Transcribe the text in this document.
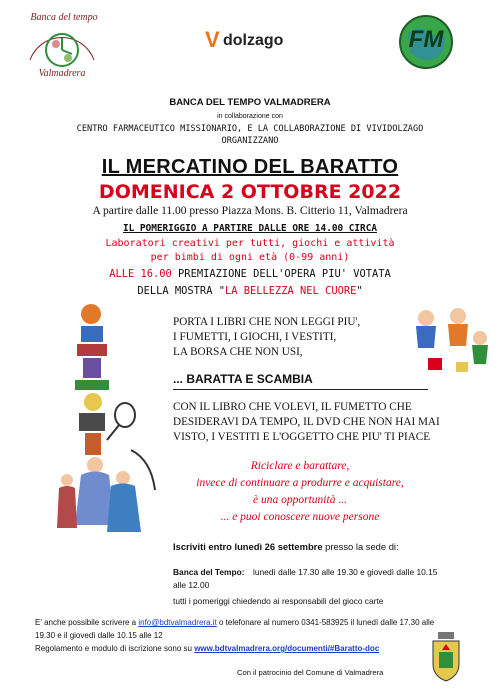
Banca del tempo
Valmadrera
V dolzago	FM
BANCA DEL TEMPO VALMADRERA
in collaborazione con
CENTRO FARMACEUTICO MISSIONARIO, E LA COLLABORAZIONE DI VIVIDOLZAGO
ORGANIZZANO
IL MERCATINO DEL BARATTO
DOMENICA 2 OTTOBRE 2022
A partire dalle 11.00 presso Piazza Mons. B. Citterio 11, Valmadrera
IL POMERIGGIO A PARTIRE DALLE ORE 14.00 CIRCA
Laboratori creativi per tutti, giochi e attività
per bimbi di ogni età (0-99 anni)
ALLE 16.00 PREMIAZIONE DELL'OPERA PIU' VOTATA
DELLA MOSTRA "LA BELLEZZA NEL CUORE"
PORTA I LIBRI CHE NON LEGGI PIU',
I FUMETTI, I GIOCHI, I VESTITI,
LA BORSA CHE NON USI,
... BARATTA E SCAMBIA
CON IL LIBRO CHE VOLEVI, IL FUMETTO CHE
DESIDERAVI DA TEMPO, IL DVD CHE NON HAI MAI
VISTO, I VESTITI E L'OGGETTO CHE PIU' TI PIACE
Riciclare e barattare,
invece di continuare a produrre e acquistare,
è una opportunità ...
... e puoi conoscere nuove persone
Iscriviti entro lunedì 26 settembre presso la sede di:
Banca del Tempo: lunedì dalle 17.30 alle 19.30 e giovedì dalle 10.15
alle 12.00
tutti i pomeriggi chiedendo ai responsabili del gioco carte
E' anche possibile scrivere a info@bdtvalmadrera.it o telefonare al numero 0341-583925 il lunedì dalle 17.30 alle
19.30 e il giovedì dalle 10.15 alle 12
Regolamento e modulo di iscrizione sono su www.bdtvalmadrera.org/documenti/#Baratto-doc
Con il patrocinio del Comune di Valmadrera
